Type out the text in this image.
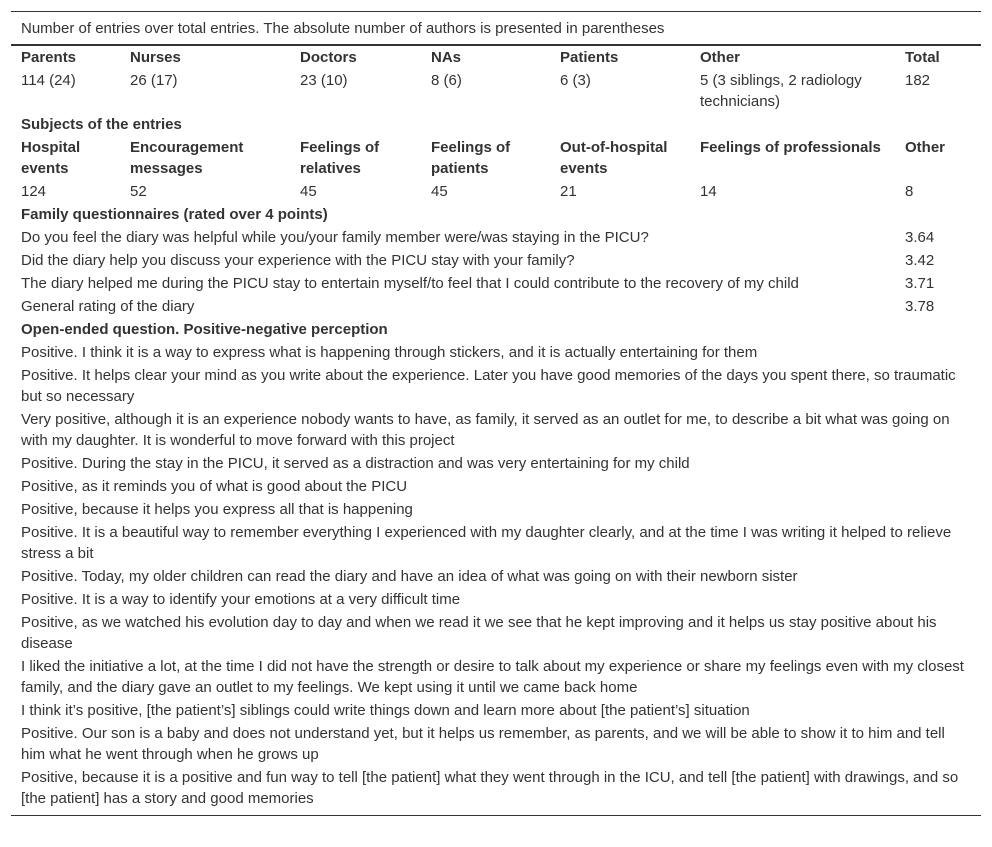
Number of entries over total entries. The absolute number of authors is presented in parentheses						
Parents	Nurses	Doctors	NAs	Patients	Other	Total
114 (24)	26 (17)	23 (10)	8 (6)	6 (3)	5 (3 siblings, 2 radiology technicians)	182
Subjects of the entries						
Hospital events	Encouragement messages	Feelings of relatives	Feelings of patients	Out-of-hospital events	Feelings of professionals	Other
124	52	45	45	21	14	8
Family questionnaires (rated over 4 points)						
Do you feel the diary was helpful while you/your family member were/was staying in the PICU?						3.64
Did the diary help you discuss your experience with the PICU stay with your family?						3.42
The diary helped me during the PICU stay to entertain myself/to feel that I could contribute to the recovery of my child						3.71
General rating of the diary						3.78
Open-ended question. Positive-negative perception						
Positive. I think it is a way to express what is happening through stickers, and it is actually entertaining for them						
Positive. It helps clear your mind as you write about the experience. Later you have good memories of the days you spent there, so traumatic but so necessary						
Very positive, although it is an experience nobody wants to have, as family, it served as an outlet for me, to describe a bit what was going on with my daughter. It is wonderful to move forward with this project						
Positive. During the stay in the PICU, it served as a distraction and was very entertaining for my child						
Positive, as it reminds you of what is good about the PICU						
Positive, because it helps you express all that is happening						
Positive. It is a beautiful way to remember everything I experienced with my daughter clearly, and at the time I was writing it helped to relieve stress a bit						
Positive. Today, my older children can read the diary and have an idea of what was going on with their newborn sister						
Positive. It is a way to identify your emotions at a very difficult time						
Positive, as we watched his evolution day to day and when we read it we see that he kept improving and it helps us stay positive about his disease						
I liked the initiative a lot, at the time I did not have the strength or desire to talk about my experience or share my feelings even with my closest family, and the diary gave an outlet to my feelings. We kept using it until we came back home						
I think it’s positive, [the patient’s] siblings could write things down and learn more about [the patient’s] situation						
Positive. Our son is a baby and does not understand yet, but it helps us remember, as parents, and we will be able to show it to him and tell him what he went through when he grows up						
Positive, because it is a positive and fun way to tell [the patient] what they went through in the ICU, and tell [the patient] with drawings, and so [the patient] has a story and good memories						
